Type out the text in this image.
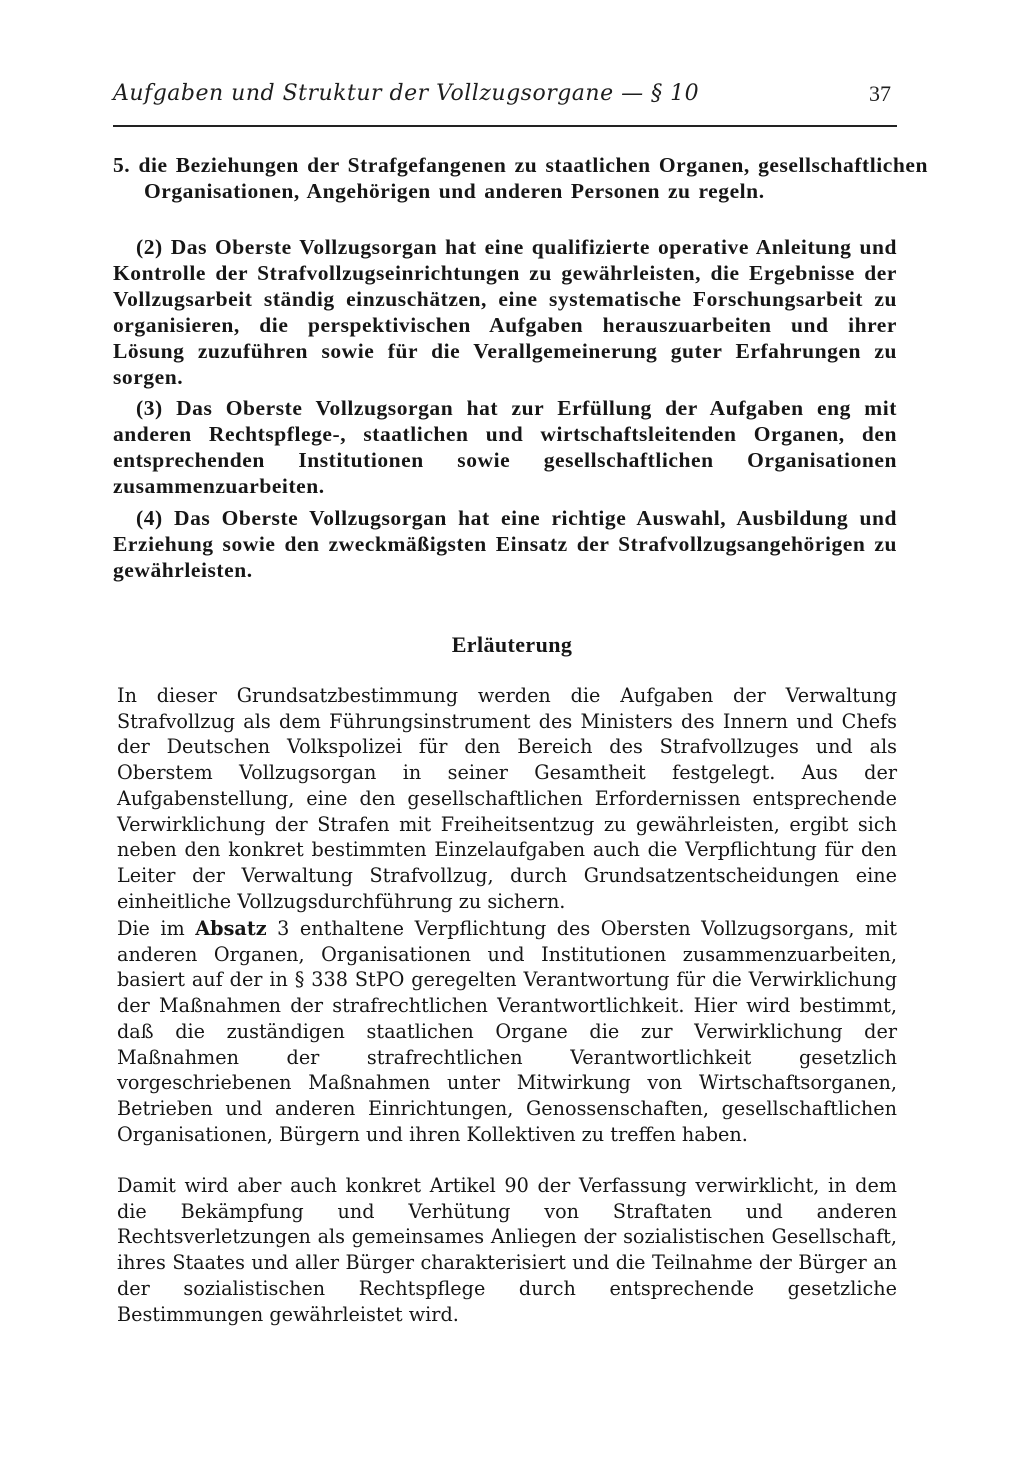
Aufgaben und Struktur der Vollzugsorgane — § 10	37

5. die Beziehungen der Strafgefangenen zu staatlichen Organen, gesellschaftlichen Organisationen, Angehörigen und anderen Personen zu regeln.

(2) Das Oberste Vollzugsorgan hat eine qualifizierte operative Anleitung und Kontrolle der Strafvollzugseinrichtungen zu gewährleisten, die Ergebnisse der Vollzugsarbeit ständig einzuschätzen, eine systematische Forschungsarbeit zu organisieren, die perspektivischen Aufgaben herauszuarbeiten und ihrer Lösung zuzuführen sowie für die Verallgemeinerung guter Erfahrungen zu sorgen.

(3) Das Oberste Vollzugsorgan hat zur Erfüllung der Aufgaben eng mit anderen Rechtspflege-, staatlichen und wirtschaftsleitenden Organen, den entsprechenden Institutionen sowie gesellschaftlichen Organisationen zusammenzuarbeiten.

(4) Das Oberste Vollzugsorgan hat eine richtige Auswahl, Ausbildung und Erziehung sowie den zweckmäßigsten Einsatz der Strafvollzugsangehörigen zu gewährleisten.

Erläuterung

In dieser Grundsatzbestimmung werden die Aufgaben der Verwaltung Strafvollzug als dem Führungsinstrument des Ministers des Innern und Chefs der Deutschen Volkspolizei für den Bereich des Strafvollzuges und als Oberstem Vollzugsorgan in seiner Gesamtheit festgelegt. Aus der Aufgabenstellung, eine den gesellschaftlichen Erfordernissen entsprechende Verwirklichung der Strafen mit Freiheitsentzug zu gewährleisten, ergibt sich neben den konkret bestimmten Einzelaufgaben auch die Verpflichtung für den Leiter der Verwaltung Strafvollzug, durch Grundsatzentscheidungen eine einheitliche Vollzugsdurchführung zu sichern.

Die im Absatz 3 enthaltene Verpflichtung des Obersten Vollzugsorgans, mit anderen Organen, Organisationen und Institutionen zusammenzuarbeiten, basiert auf der in § 338 StPO geregelten Verantwortung für die Verwirklichung der Maßnahmen der strafrechtlichen Verantwortlichkeit. Hier wird bestimmt, daß die zuständigen staatlichen Organe die zur Verwirklichung der Maßnahmen der strafrechtlichen Verantwortlichkeit gesetzlich vorgeschriebenen Maßnahmen unter Mitwirkung von Wirtschaftsorganen, Betrieben und anderen Einrichtungen, Genossenschaften, gesellschaftlichen Organisationen, Bürgern und ihren Kollektiven zu treffen haben.

Damit wird aber auch konkret Artikel 90 der Verfassung verwirklicht, in dem die Bekämpfung und Verhütung von Straftaten und anderen Rechtsverletzungen als gemeinsames Anliegen der sozialistischen Gesellschaft, ihres Staates und aller Bürger charakterisiert und die Teilnahme der Bürger an der sozialistischen Rechtspflege durch entsprechende gesetzliche Bestimmungen gewährleistet wird.
